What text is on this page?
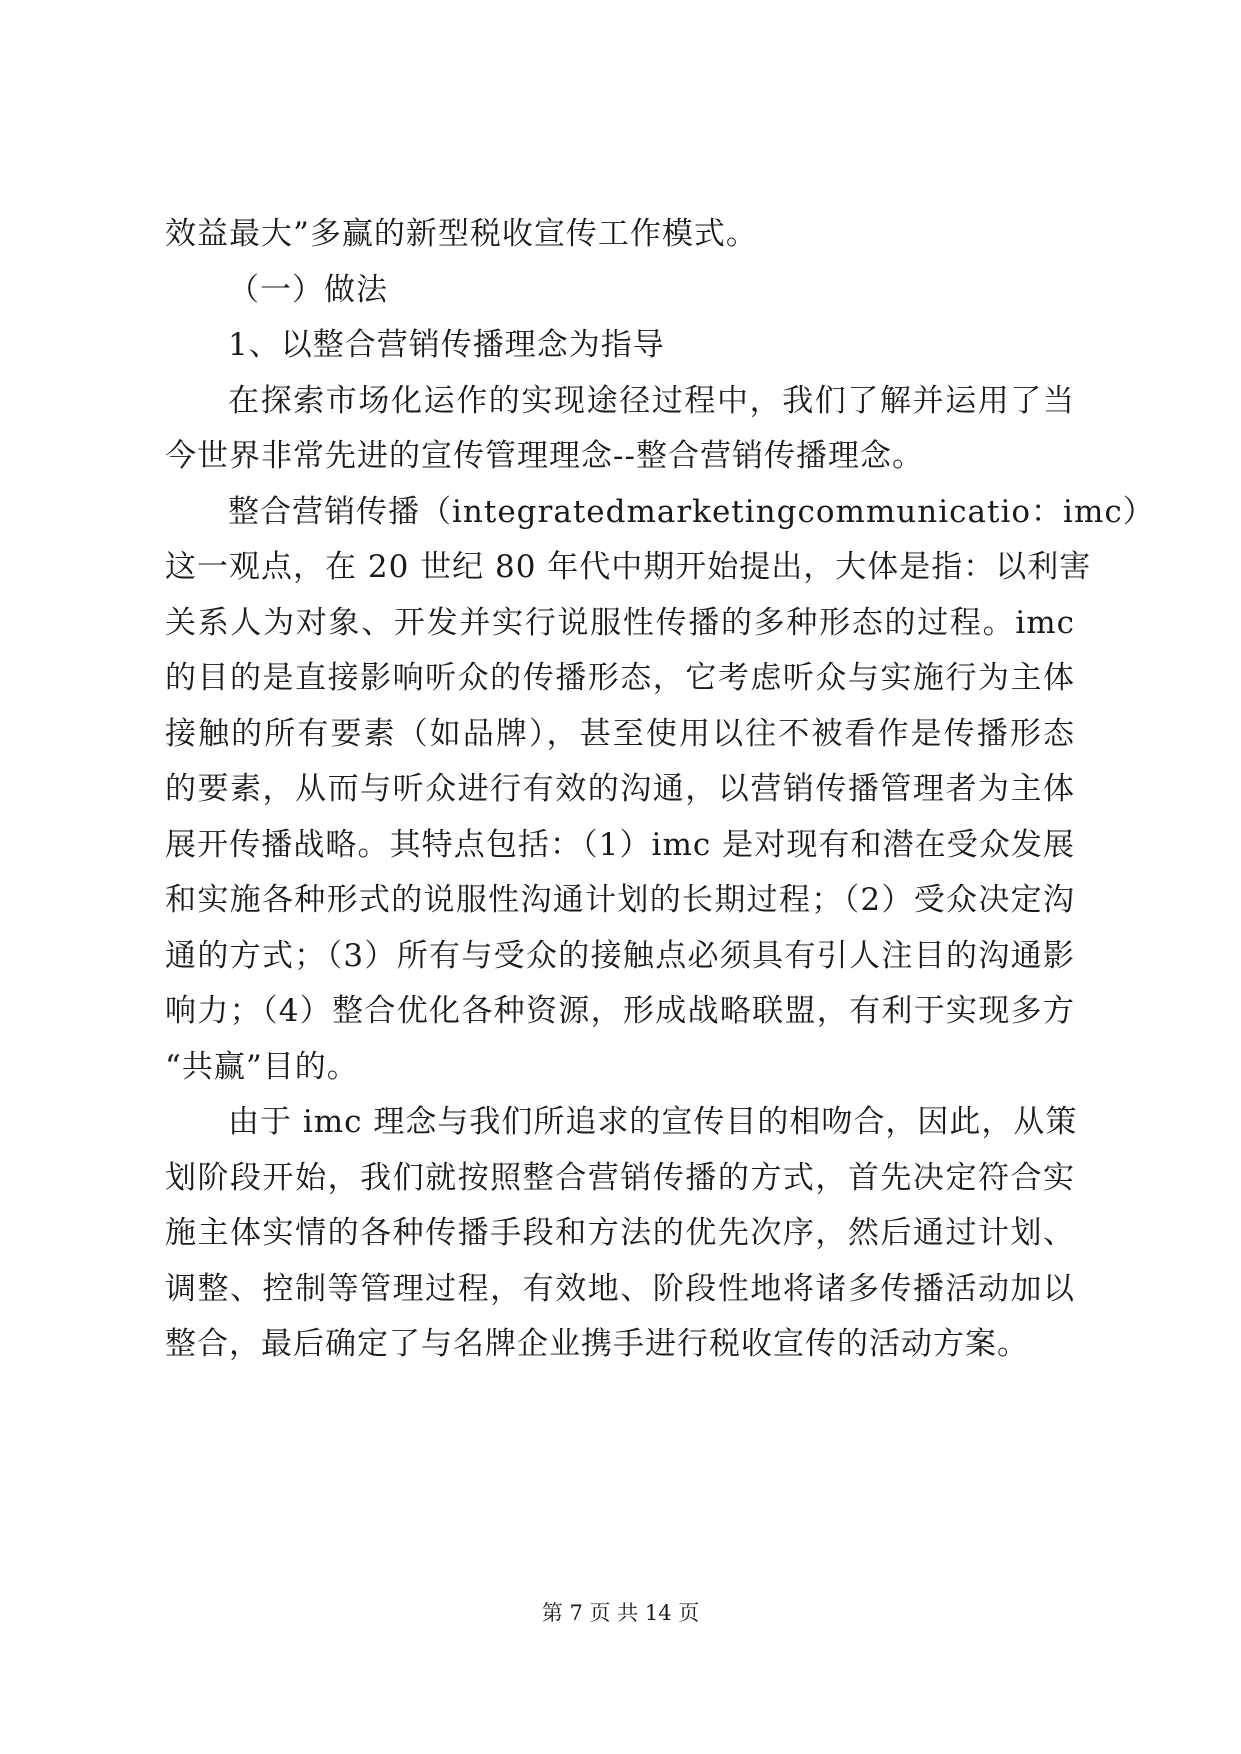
效益最大”多赢的新型税收宣传工作模式。
（一）做法
1、以整合营销传播理念为指导
在探索市场化运作的实现途径过程中，我们了解并运用了当
今世界非常先进的宣传管理理念--整合营销传播理念。
整合营销传播（integratedmarketingcommunicatio：imc）
这一观点，在 20 世纪 80 年代中期开始提出，大体是指：以利害
关系人为对象、开发并实行说服性传播的多种形态的过程。imc
的目的是直接影响听众的传播形态，它考虑听众与实施行为主体
接触的所有要素（如品牌），甚至使用以往不被看作是传播形态
的要素，从而与听众进行有效的沟通，以营销传播管理者为主体
展开传播战略。其特点包括：（1）imc 是对现有和潜在受众发展
和实施各种形式的说服性沟通计划的长期过程；（2）受众决定沟
通的方式；（3）所有与受众的接触点必须具有引人注目的沟通影
响力；（4）整合优化各种资源，形成战略联盟，有利于实现多方
“共赢”目的。
由于 imc 理念与我们所追求的宣传目的相吻合，因此，从策
划阶段开始，我们就按照整合营销传播的方式，首先决定符合实
施主体实情的各种传播手段和方法的优先次序，然后通过计划、
调整、控制等管理过程，有效地、阶段性地将诸多传播活动加以
整合，最后确定了与名牌企业携手进行税收宣传的活动方案。
第 7 页 共 14 页
